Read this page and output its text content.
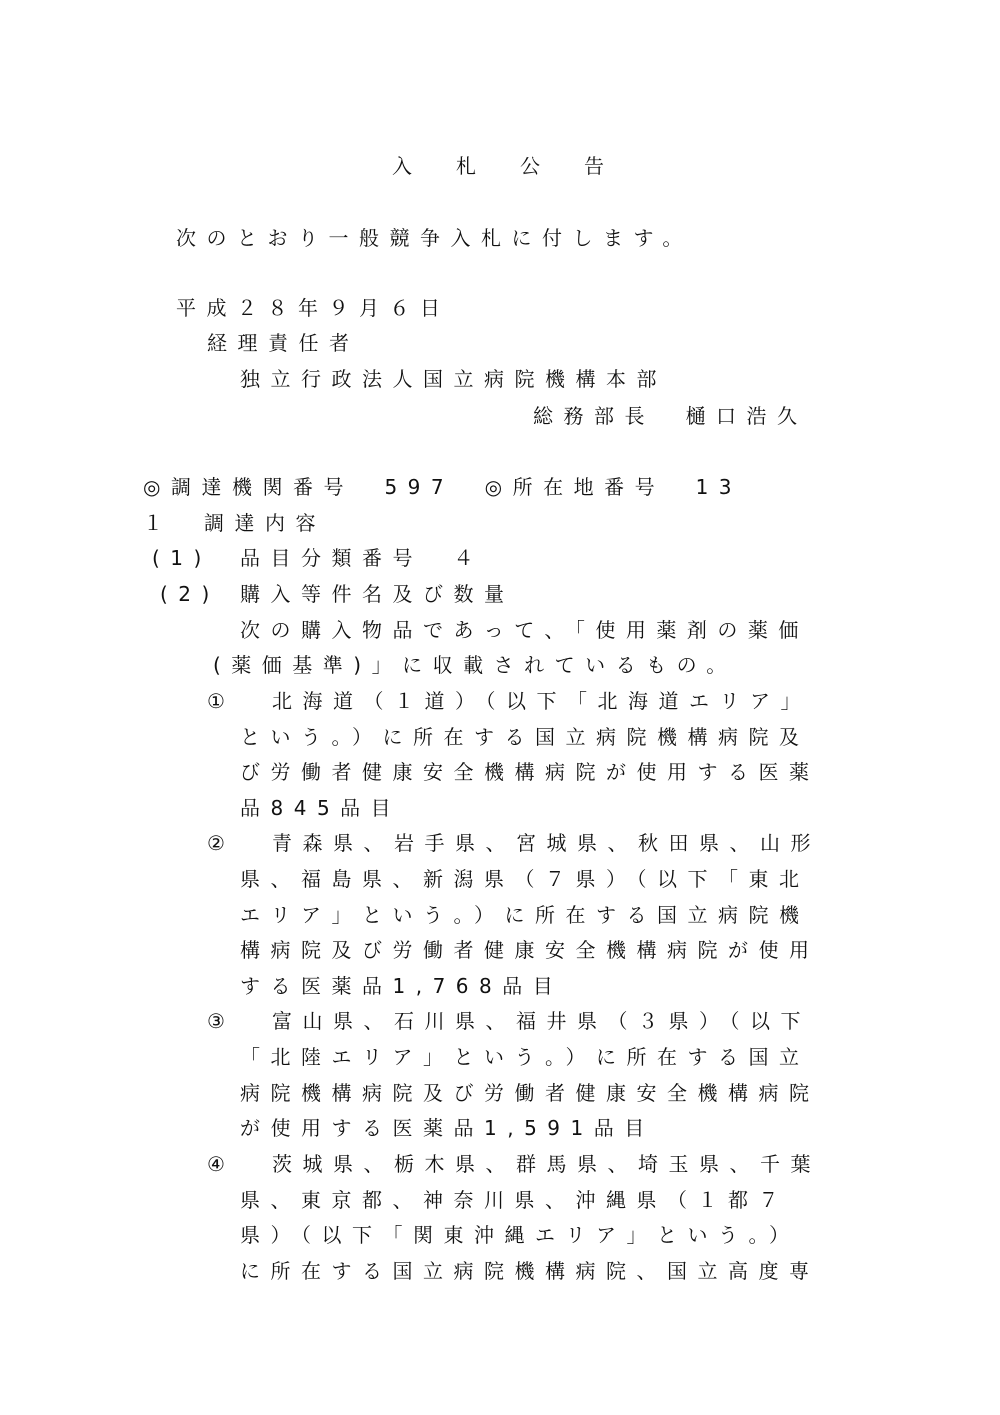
入札公告
次のとおり一般競争入札に付します。
平成２８年９月６日
経理責任者
独立行政法人国立病院機構本部
総務部長　樋口浩久
◎調達機関番号　597　◎所在地番号　13
１　調達内容
(1) 品目分類番号　４
(2) 購入等件名及び数量
次の購入物品であって、「使用薬剤の薬価
(薬価基準)」に収載されているもの。
① 北海道（１道）（以下「北海道エリア」
という。）に所在する国立病院機構病院及
び労働者健康安全機構病院が使用する医薬
品845品目
② 青森県、岩手県、宮城県、秋田県、山形
県、福島県、新潟県（７県）（以下「東北
エリア」という。）に所在する国立病院機
構病院及び労働者健康安全機構病院が使用
する医薬品1,768品目
③ 富山県、石川県、福井県（３県）（以下
「北陸エリア」という。）に所在する国立
病院機構病院及び労働者健康安全機構病院
が使用する医薬品1,591品目
④ 茨城県、栃木県、群馬県、埼玉県、千葉
県、東京都、神奈川県、沖縄県（１都７
県）（以下「関東沖縄エリア」という。）
に所在する国立病院機構病院、国立高度専
